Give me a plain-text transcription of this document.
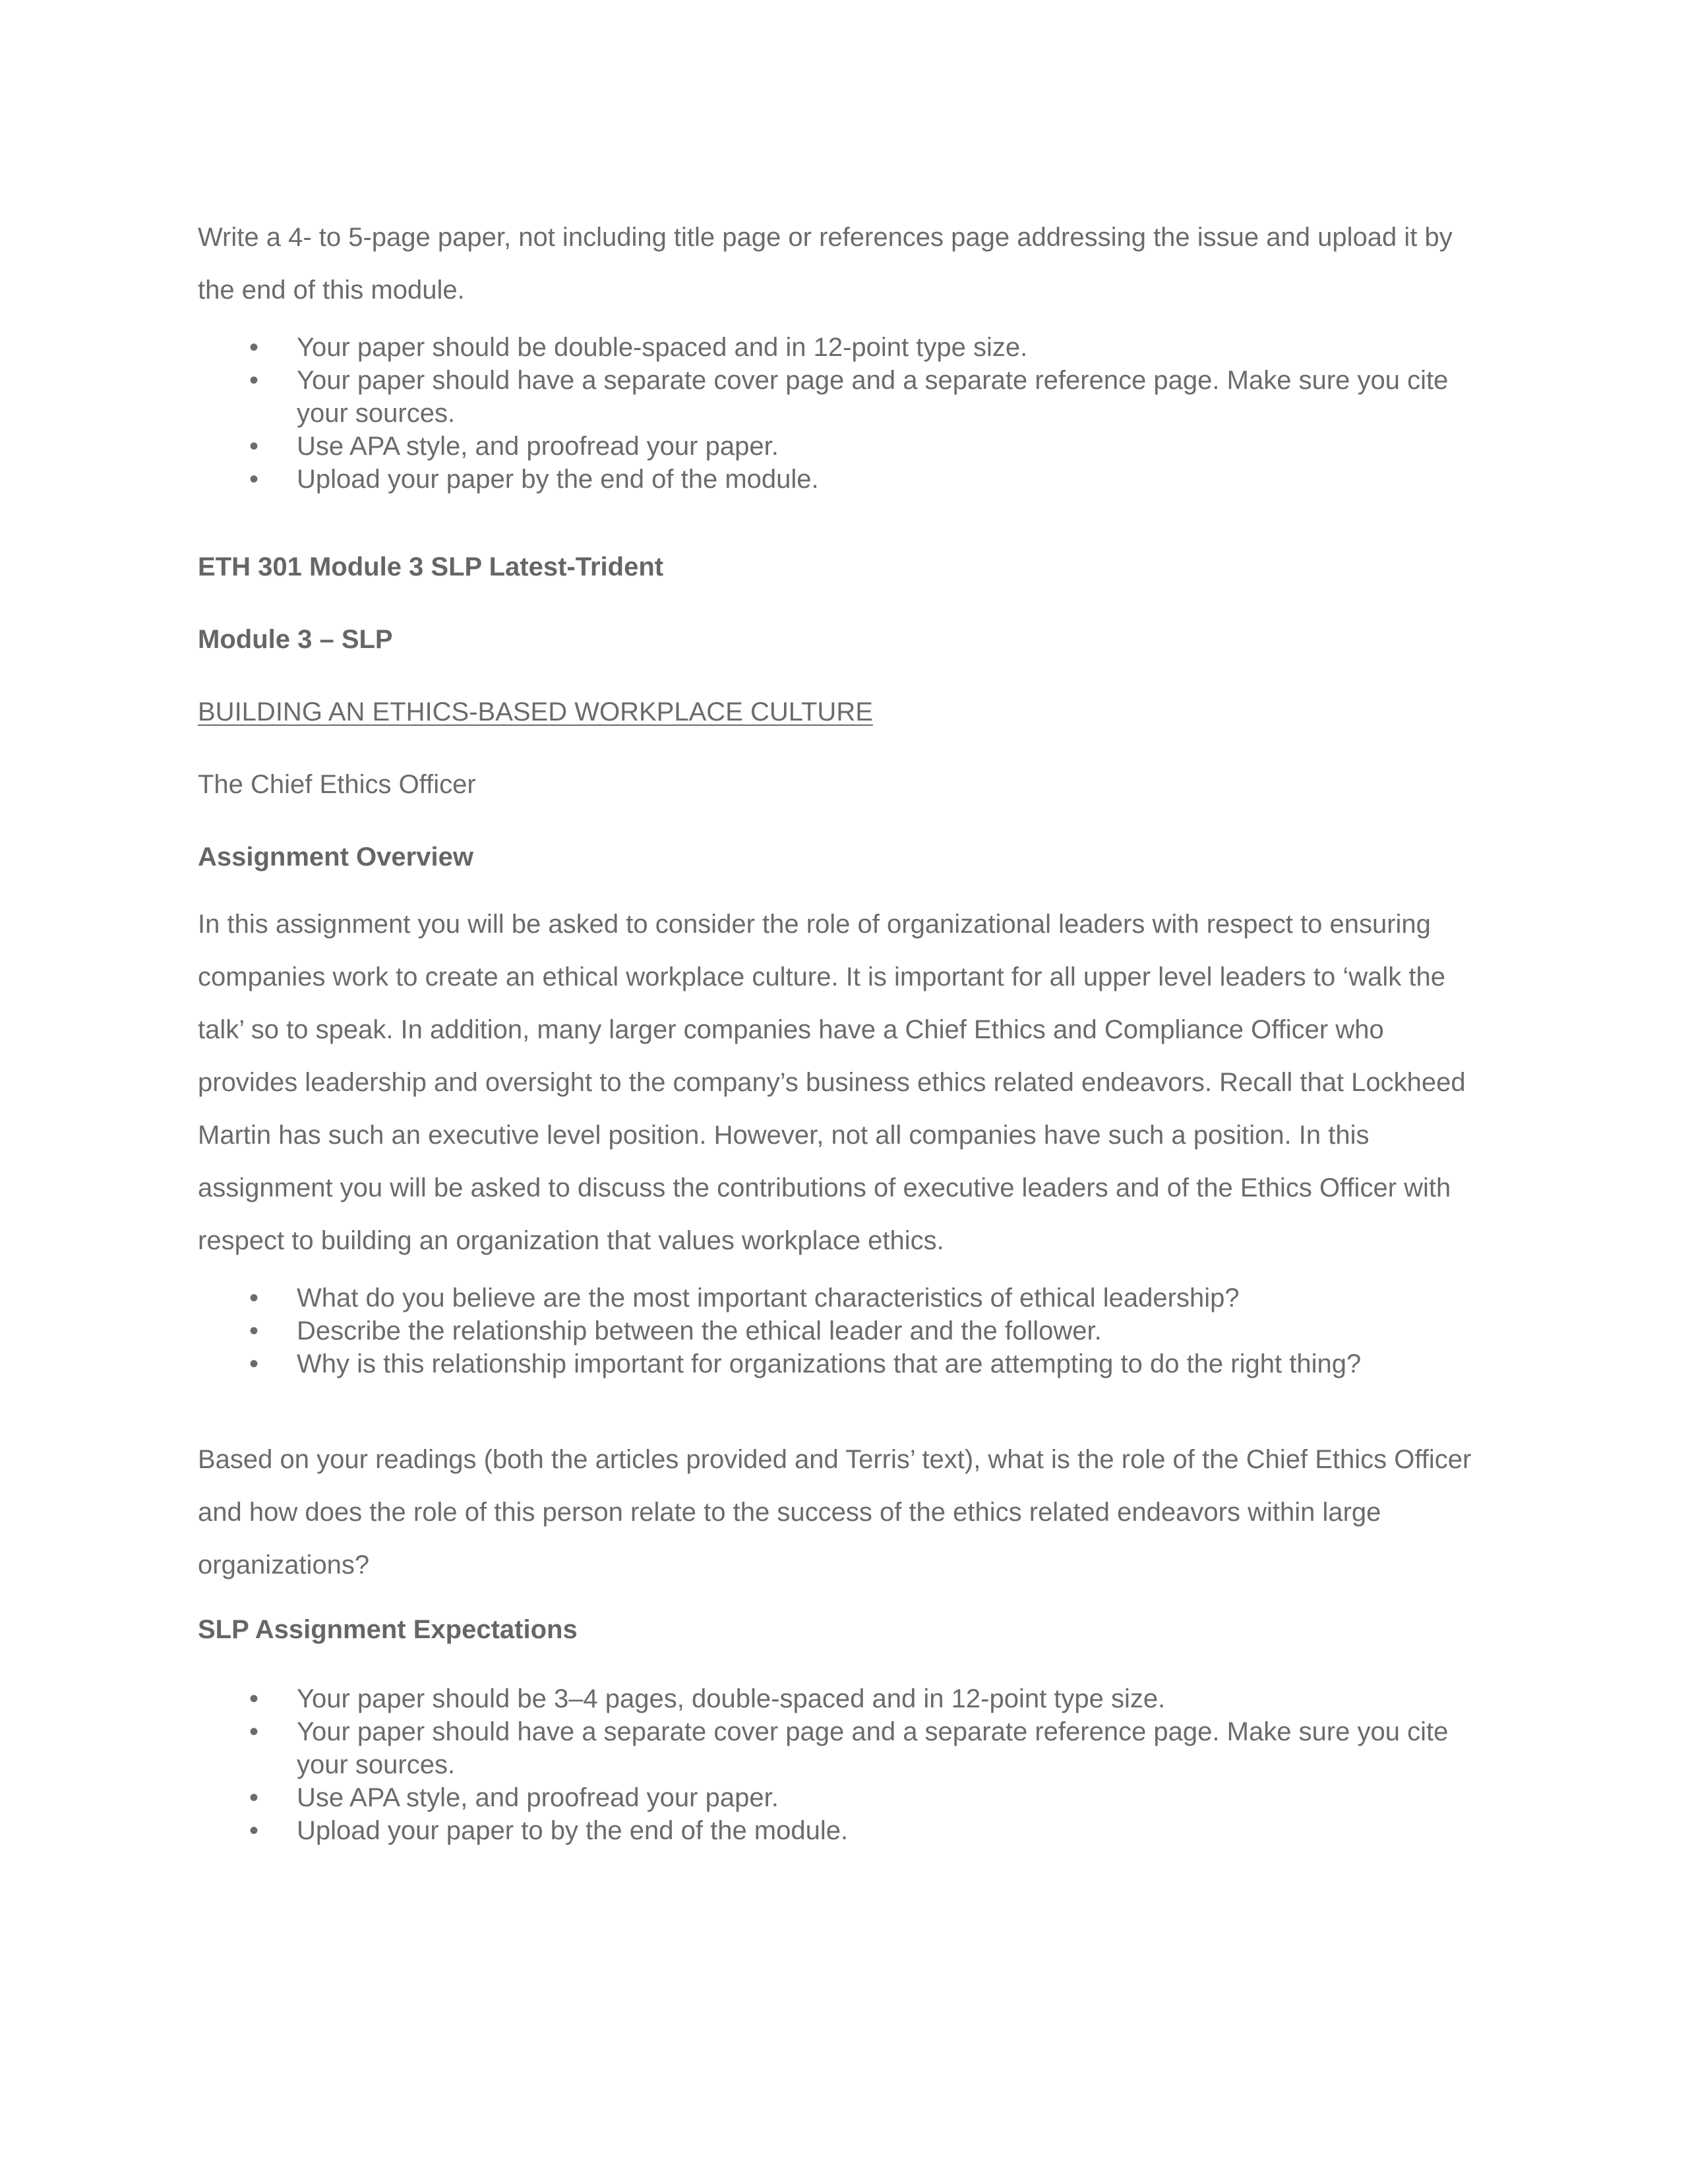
Write a 4- to 5-page paper, not including title page or references page addressing the issue and upload it by the end of this module.

• Your paper should be double-spaced and in 12-point type size.
• Your paper should have a separate cover page and a separate reference page. Make sure you cite your sources.
• Use APA style, and proofread your paper.
• Upload your paper by the end of the module.

ETH 301 Module 3 SLP Latest-Trident

Module 3 – SLP

BUILDING AN ETHICS-BASED WORKPLACE CULTURE

The Chief Ethics Officer

Assignment Overview

In this assignment you will be asked to consider the role of organizational leaders with respect to ensuring companies work to create an ethical workplace culture. It is important for all upper level leaders to ‘walk the talk’ so to speak. In addition, many larger companies have a Chief Ethics and Compliance Officer who provides leadership and oversight to the company’s business ethics related endeavors. Recall that Lockheed Martin has such an executive level position. However, not all companies have such a position. In this assignment you will be asked to discuss the contributions of executive leaders and of the Ethics Officer with respect to building an organization that values workplace ethics.

• What do you believe are the most important characteristics of ethical leadership?
• Describe the relationship between the ethical leader and the follower.
• Why is this relationship important for organizations that are attempting to do the right thing?

Based on your readings (both the articles provided and Terris’ text), what is the role of the Chief Ethics Officer and how does the role of this person relate to the success of the ethics related endeavors within large organizations?

SLP Assignment Expectations

• Your paper should be 3–4 pages, double-spaced and in 12-point type size.
• Your paper should have a separate cover page and a separate reference page. Make sure you cite your sources.
• Use APA style, and proofread your paper.
• Upload your paper to by the end of the module.
